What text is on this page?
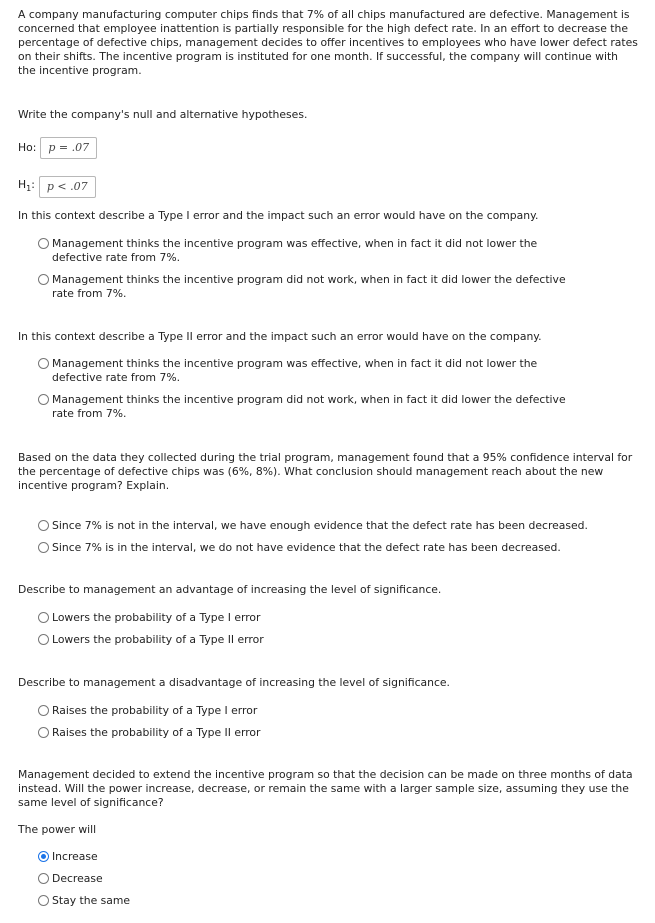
A company manufacturing computer chips finds that 7% of all chips manufactured are defective. Management is concerned that employee inattention is partially responsible for the high defect rate. In an effort to decrease the percentage of defective chips, management decides to offer incentives to employees who have lower defect rates on their shifts. The incentive program is instituted for one month. If successful, the company will continue with the incentive program.

Write the company's null and alternative hypotheses.

Ho:	p = .07
$H_1$:	p < .07

In this context describe a Type I error and the impact such an error would have on the company.

Management thinks the incentive program was effective, when in fact it did not lower the defective rate from 7%.
Management thinks the incentive program did not work, when in fact it did lower the defective rate from 7%.

In this context describe a Type II error and the impact such an error would have on the company.

Management thinks the incentive program was effective, when in fact it did not lower the defective rate from 7%.
Management thinks the incentive program did not work, when in fact it did lower the defective rate from 7%.

Based on the data they collected during the trial program, management found that a 95% confidence interval for the percentage of defective chips was (6%, 8%). What conclusion should management reach about the new incentive program? Explain.

Since 7% is not in the interval, we have enough evidence that the defect rate has been decreased.
Since 7% is in the interval, we do not have evidence that the defect rate has been decreased.

Describe to management an advantage of increasing the level of significance.

Lowers the probability of a Type I error
Lowers the probability of a Type II error

Describe to management a disadvantage of increasing the level of significance.

Raises the probability of a Type I error
Raises the probability of a Type II error

Management decided to extend the incentive program so that the decision can be made on three months of data instead. Will the power increase, decrease, or remain the same with a larger sample size, assuming they use the same level of significance?

The power will

Increase
Decrease
Stay the same
